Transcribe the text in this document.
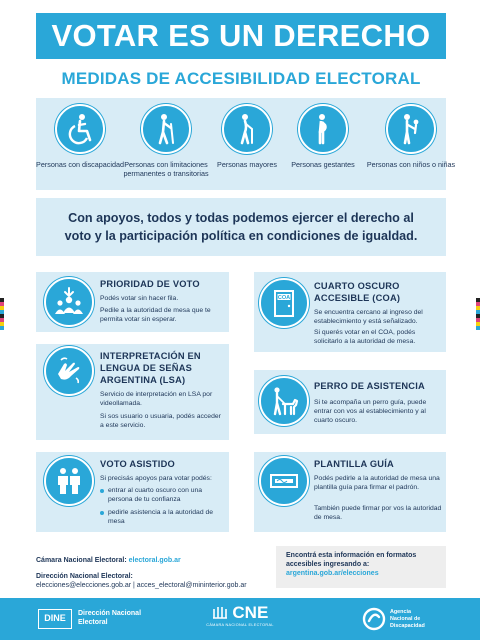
VOTAR ES UN DERECHO
MEDIDAS DE ACCESIBILIDAD ELECTORAL
Personas con discapacidad Personas con limitaciones permanentes o transitorias
Personas mayores	Personas gestantes	Personas con niños o niñas
Con apoyos, todos y todas podemos ejercer el derecho al voto y la participación política en condiciones de igualdad.
PRIORIDAD DE VOTO

Podés votar sin hacer fila.

Pedile a la autoridad de mesa que te permita votar sin esperar.

COA
CUARTO OSCURO ACCESIBLE (COA)

Se encuentra cercano al ingreso del establecimiento y está señalizado.

Si querés votar en el COA, podés solicitarlo a la autoridad de mesa.

INTERPRETACIÓN EN LENGUA DE SEÑAS ARGENTINA (LSA)

Servicio de interpretación en LSA por videollamada.

Si sos usuario o usuaria, podés acceder a este servicio.

PERRO DE ASISTENCIA

Si te acompaña un perro guía, puede entrar con vos al establecimiento y al cuarto oscuro.

VOTO ASISTIDO

Si precisás apoyos para votar podés:

entrar al cuarto oscuro con una persona de tu confianza
pedirle asistencia a la autoridad de mesa
PLANTILLA GUÍA

Podés pedirle a la autoridad de mesa una plantilla guía para firmar el padrón.

También puede firmar por vos la autoridad de mesa.

Cámara Nacional Electoral: electoral.gob.ar
Dirección Nacional Electoral:
elecciones@elecciones.gob.ar | acces_electoral@mininterior.gob.ar
Encontrá esta información en formatos accesibles ingresando a:
argentina.gob.ar/elecciones
DINE	Dirección Nacional
Electoral
CNE
CÁMARA NACIONAL ELECTORAL
Agencia
Nacional de
Discapacidad
